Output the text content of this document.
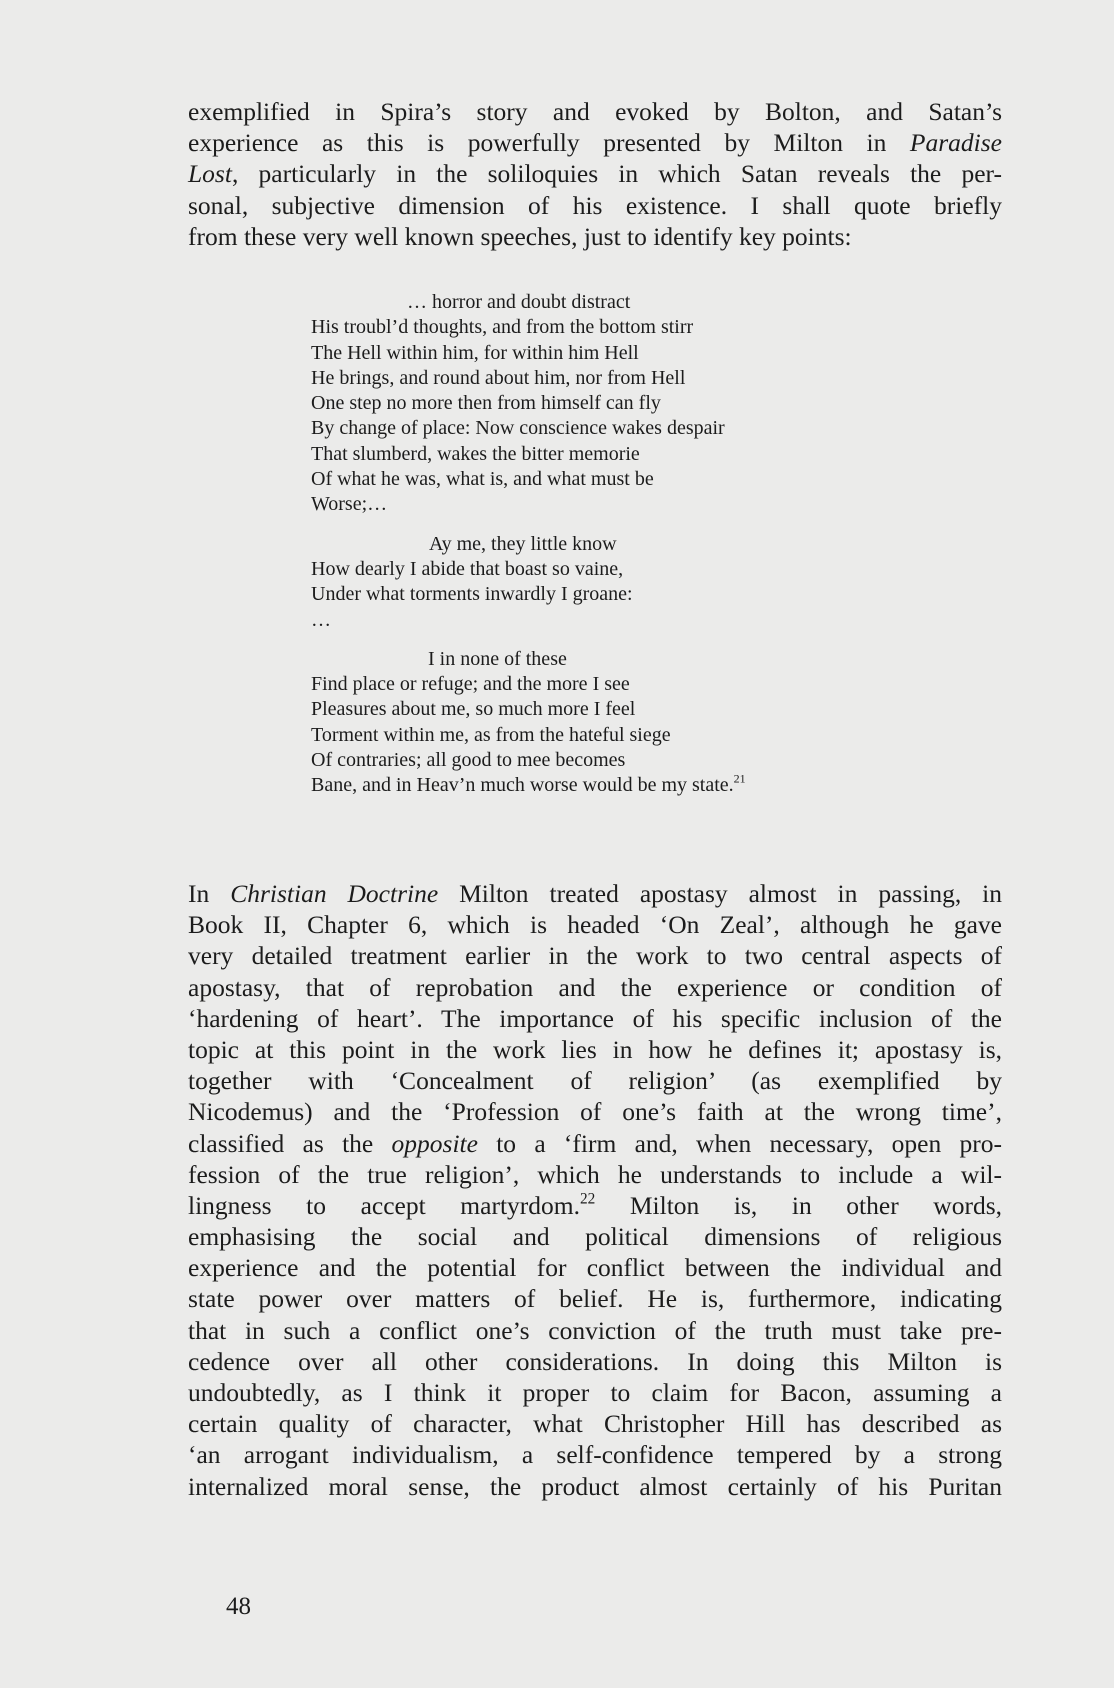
exemplified in Spira’s story and evoked by Bolton, and Satan’s
experience as this is powerfully presented by Milton in Paradise
Lost, particularly in the soliloquies in which Satan reveals the per-
sonal, subjective dimension of his existence. I shall quote briefly
from these very well known speeches, just to identify key points:
… horror and doubt distract
His troubl’d thoughts, and from the bottom stirr
The Hell within him, for within him Hell
He brings, and round about him, nor from Hell
One step no more then from himself can fly
By change of place: Now conscience wakes despair
That slumberd, wakes the bitter memorie
Of what he was, what is, and what must be
Worse;…
Ay me, they little know
How dearly I abide that boast so vaine,
Under what torments inwardly I groane:
…
I in none of these
Find place or refuge; and the more I see
Pleasures about me, so much more I feel
Torment within me, as from the hateful siege
Of contraries; all good to mee becomes
Bane, and in Heav’n much worse would be my state.$^{21}$
In Christian Doctrine Milton treated apostasy almost in passing, in
Book II, Chapter 6, which is headed ‘On Zeal’, although he gave
very detailed treatment earlier in the work to two central aspects of
apostasy, that of reprobation and the experience or condition of
‘hardening of heart’. The importance of his specific inclusion of the
topic at this point in the work lies in how he defines it; apostasy is,
together with ‘Concealment of religion’ (as exemplified by
Nicodemus) and the ‘Profession of one’s faith at the wrong time’,
classified as the opposite to a ‘firm and, when necessary, open pro-
fession of the true religion’, which he understands to include a wil-
lingness to accept martyrdom.$^{22}$ Milton is, in other words,
emphasising the social and political dimensions of religious
experience and the potential for conflict between the individual and
state power over matters of belief. He is, furthermore, indicating
that in such a conflict one’s conviction of the truth must take pre-
cedence over all other considerations. In doing this Milton is
undoubtedly, as I think it proper to claim for Bacon, assuming a
certain quality of character, what Christopher Hill has described as
‘an arrogant individualism, a self-confidence tempered by a strong
internalized moral sense, the product almost certainly of his Puritan
48
